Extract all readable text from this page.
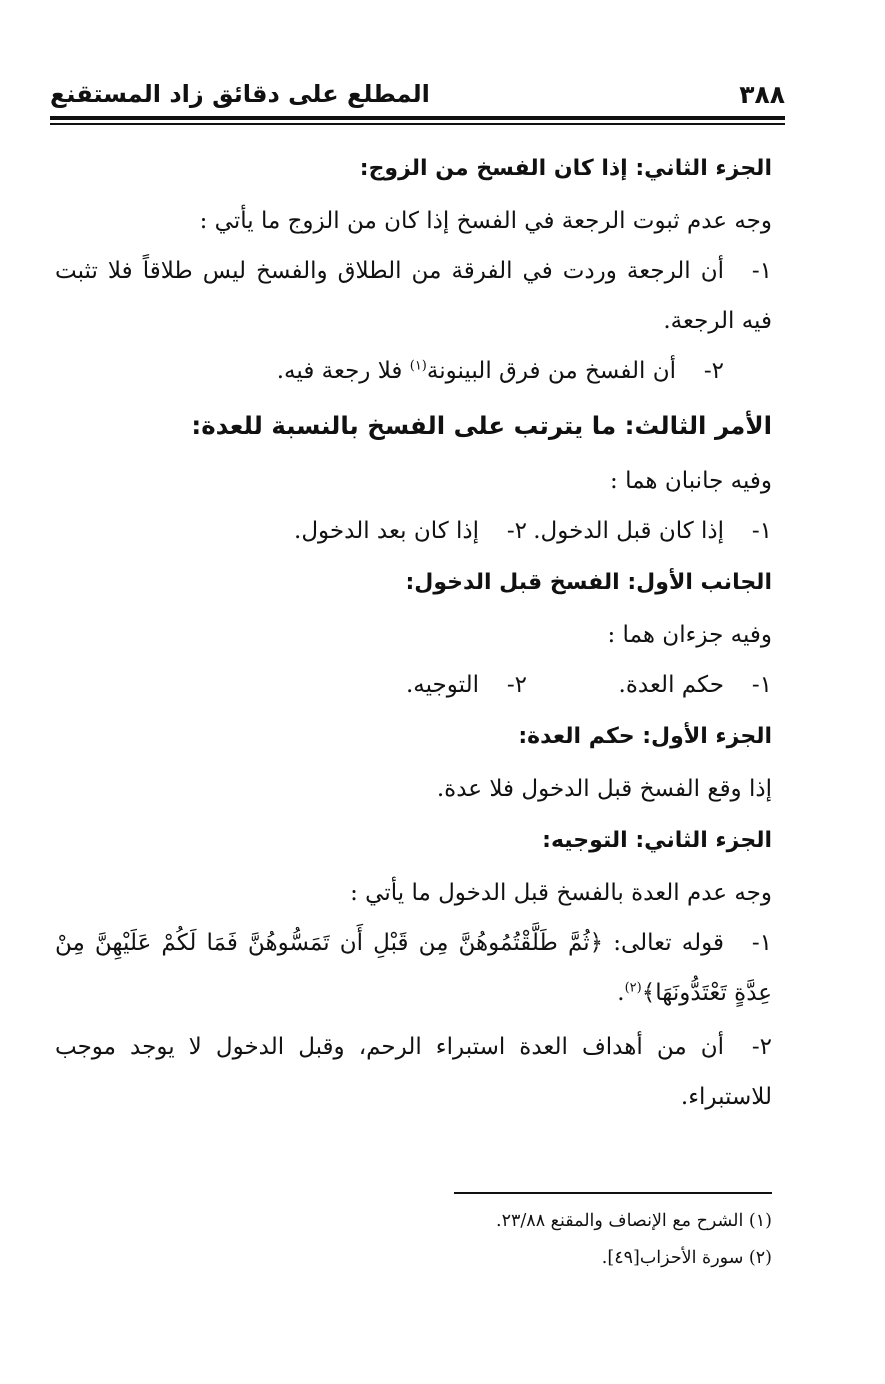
٣٨٨
المطلع على دقائق زاد المستقنع

الجزء الثاني: إذا كان الفسخ من الزوج:

وجه عدم ثبوت الرجعة في الفسخ إذا كان من الزوج ما يأتي :

١-أن الرجعة وردت في الفرقة من الطلاق والفسخ ليس طلاقاً فلا تثبت فيه الرجعة.

٢-أن الفسخ من فرق البينونة$^{(١)}$ فلا رجعة فيه.

الأمر الثالث: ما يترتب على الفسخ بالنسبة للعدة:

وفيه جانبان هما :

١-إذا كان قبل الدخول.
٢-إذا كان بعد الدخول.

الجانب الأول: الفسخ قبل الدخول:

وفيه جزءان هما :

١-حكم العدة.
٢-التوجيه.

الجزء الأول: حكم العدة:

إذا وقع الفسخ قبل الدخول فلا عدة.

الجزء الثاني: التوجيه:

وجه عدم العدة بالفسخ قبل الدخول ما يأتي :

١-قوله تعالى: ﴿ثُمَّ طَلَّقْتُمُوهُنَّ مِن قَبْلِ أَن تَمَسُّوهُنَّ فَمَا لَكُمْ عَلَيْهِنَّ مِنْ عِدَّةٍ تَعْتَدُّونَهَا﴾$^{(٢)}$.

٢-أن من أهداف العدة استبراء الرحم، وقبل الدخول لا يوجد موجب للاستبراء.

(١) الشرح مع الإنصاف والمقنع ٢٣/٨٨.

(٢) سورة الأحزاب[٤٩].
